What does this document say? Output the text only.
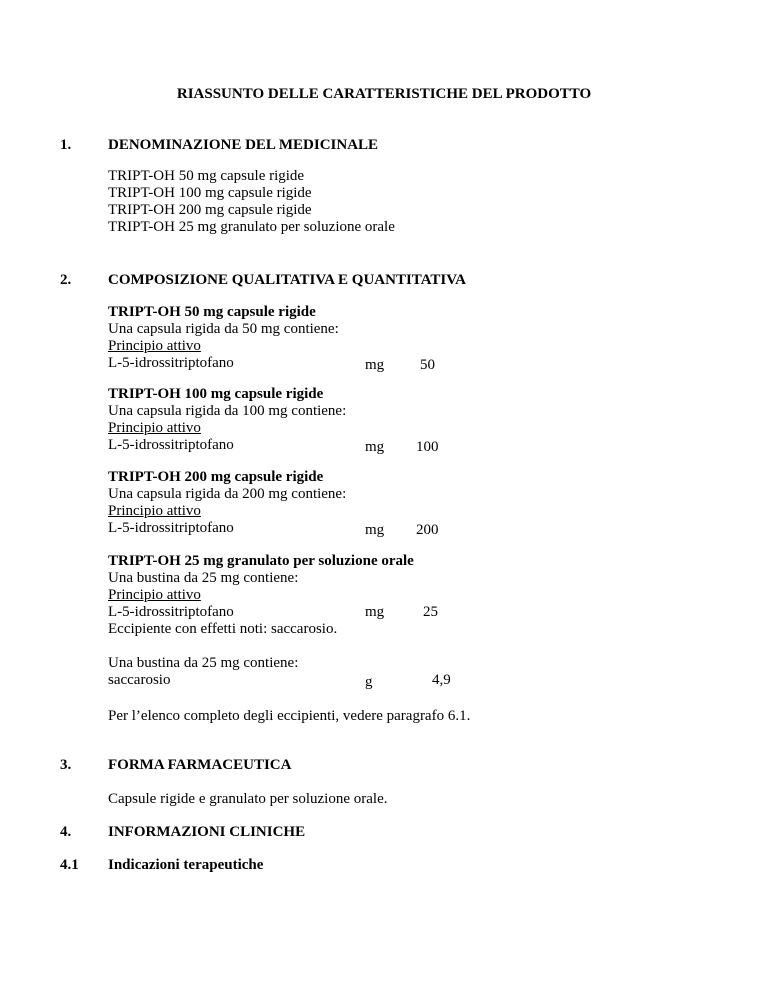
RIASSUNTO DELLE CARATTERISTICHE DEL PRODOTTO
1. DENOMINAZIONE DEL MEDICINALE
TRIPT-OH 50 mg capsule rigide
TRIPT-OH 100 mg capsule rigide
TRIPT-OH 200 mg capsule rigide
TRIPT-OH 25 mg granulato per soluzione orale
2. COMPOSIZIONE QUALITATIVA E QUANTITATIVA
TRIPT-OH 50 mg capsule rigide
Una capsula rigida da 50 mg contiene:
Principio attivo
L-5-idrossitriptofano	mg 50
TRIPT-OH 100 mg capsule rigide
Una capsula rigida da 100 mg contiene:
Principio attivo
L-5-idrossitriptofano	mg 100
TRIPT-OH 200 mg capsule rigide
Una capsula rigida da 200 mg contiene:
Principio attivo
L-5-idrossitriptofano	mg 200
TRIPT-OH 25 mg granulato per soluzione orale
Una bustina da 25 mg contiene:
Principio attivo
L-5-idrossitriptofano	mg	25
Eccipiente con effetti noti: saccarosio.
Una bustina da 25 mg contiene:
saccarosio	g	4,9
Per l’elenco completo degli eccipienti, vedere paragrafo 6.1.
3. FORMA FARMACEUTICA
Capsule rigide e granulato per soluzione orale.
4. INFORMAZIONI CLINICHE
4.1 Indicazioni terapeutiche
